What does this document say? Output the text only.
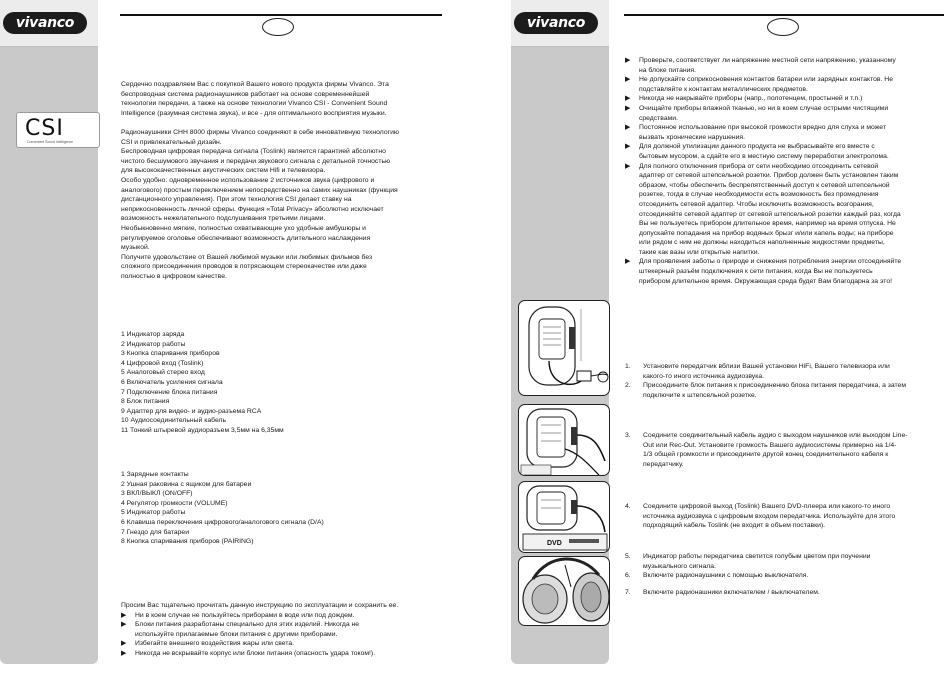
vivanco
CSI
Convenient Sound Intelligence

Сердечно поздравляем Вас с покупкой Вашего нового продукта фирмы Vivanco. Эта

беспроводная система радионаушников работает на основе современнейшей

технологии передачи, а также на основе технологии Vivanco CSI - Convenient Sound

Intelligence (разумная система звука), и все - для оптимального восприятия музыки.

Радионаушники CHH 8000 фирмы Vivanco соединяют в себе инновативную технологию

CSI и привлекательный дизайн.

Беспроводная цифровая передача сигнала (Toslink) является гарантией абсолютно

чистого бесшумового звучания и передачи звукового сигнала с детальной точностью

для высококачественных акустических систем Hifi и телевизора.

Особо удобно: одновременное использование 2 источников звука (цифрового и

аналогового) простым переключением непосредственно на самих наушниках (функция

дистанционного управления). При этом технология CSI делает ставку на

неприкосновенность личной сферы. Функция «Total Privacy» абсолютно исключает

возможность нежелательного подслушивания третьими лицами.

Необыкновенно мягкие, полностью охватывающие ухо удобные амбушюры и

регулируемое оголовье обеспечивают возможность длительного наслаждения

музыкой.

Получите удовольствие от Вашей любимой музыки или любимых фильмов без

сложного присоединения проводов в потрясающем стереокачестве или даже

полностью в цифровом качестве.

1 Индикатор заряда

2 Индикатор работы

3 Кнопка спаривания приборов

4 Цифровой вход (Toslink)

5 Аналоговый стерео вход

6 Включатель усиления сигнала

7 Подключение блока питания

8 Блок питания

9 Адаптер для видео- и аудио-разъема RCA

10 Аудиосоединительный кабель

11 Тонкий штыревой аудиоразъем 3,5мм на 6,35мм

1 Зарядные контакты

2 Ушная раковина с ящиком для батареи

3 ВКЛ/ВЫКЛ (ON/OFF)

4 Регулятор громкости (VOLUME)

5 Индикатор работы

6 Клавиша переключения цифрового/аналогового сигнала (D/A)

7 Гнездо для батареи

8 Кнопка спаривания приборов (PAIRING)

Просим Вас тщательно прочитать данную инструкцию по эксплуатации и сохранить ее.

▶	Ни в коем случае не пользуйтесь приборами в воде или под дождем.

▶	Блоки питания разработаны специально для этих изделий. Никогда не

используйте прилагаемые блоки питания с другими приборами.

▶	Избегайте внешнего воздействия жары или света.

▶	Никогда не вскрывайте корпус или блоки питания (опасность удара током!).

vivanco
▶	Проверьте, соответствует ли напряжение местной сети напряжению, указанному

на блоке питания.

▶	Не допускайте соприкосновения контактов батареи или зарядных контактов. Не

подставляйте к контактам металлических предметов.

▶	Никогда не накрывайте приборы (напр., полотенцем, простыней и т.п.)

▶	Очищайте приборы влажной тканью, но ни в коем случае острыми чистящими

средствами.

▶	Постоянное использование при высокой громкости вредно для слуха и может

вызвать хронические нарушения.

▶	Для должной утилизации данного продукта не выбрасывайте его вместе с

бытовым мусором, а сдайте его в местную систему переработки электролома.

▶	Для полного отключения прибора от сети необходимо отсоединить сетевой

адаптер от сетевой штепсельной розетки. Прибор должен быть установлен таким

образом, чтобы обеспечить беспрепятственный доступ к сетевой штепсельной

розетке, тогда в случае необходимости есть возможность без промедления

отсоединить сетевой адаптер. Чтобы исключить возможность возгорания,

отсоединяйте сетевой адаптер от сетевой штепсельной розетки каждый раз, когда

Вы не пользуетесь прибором длительное время, например на время отпуска. Не

допускайте попадания на прибор водяных брызг и/или капель воды; на приборе

или рядом с ним не должны находиться наполненные жидкостями предметы,

такие как вазы или открытые напитки.

▶	Для проявления заботы о природе и снижения потребления энергии отсоединяйте

штекерный разъём подключения к сети питания, когда Вы не пользуетесь

прибором длительное время. Окружающая среда будет Вам благодарна за это!

1.	Установите передатчик вблизи Вашей установки HiFi, Вашего телевизора или

какого-то иного источника аудиозвука.

2.	Присоедините блок питания к присоединению блока питания передатчика, а затем

подключите к штепсельной розетке.

3.	Соедините соединительный кабель аудио с выходом наушников или выходом Line-

Out или Rec-Out. Установите громкость Вашего аудиосистемы примерно на 1/4-

1/3 общей громкости и присоедините другой конец соединительного кабеля к

передатчику.

4.	Соедините цифровой выход (Toslink) Вашего DVD-плеера или какого-то иного

источника аудиозвука с цифровым входом передатчика. Используйте для этого

подходящий кабель Toslink (не входит в объем поставки).

5.	Индикатор работы передатчика светится голубым цветом при поучении

музыкального сигнала.

6.	Включите радионаушники с помощью выключателя.

7.	Включите радионашники включателем / выключателем.

DVD
